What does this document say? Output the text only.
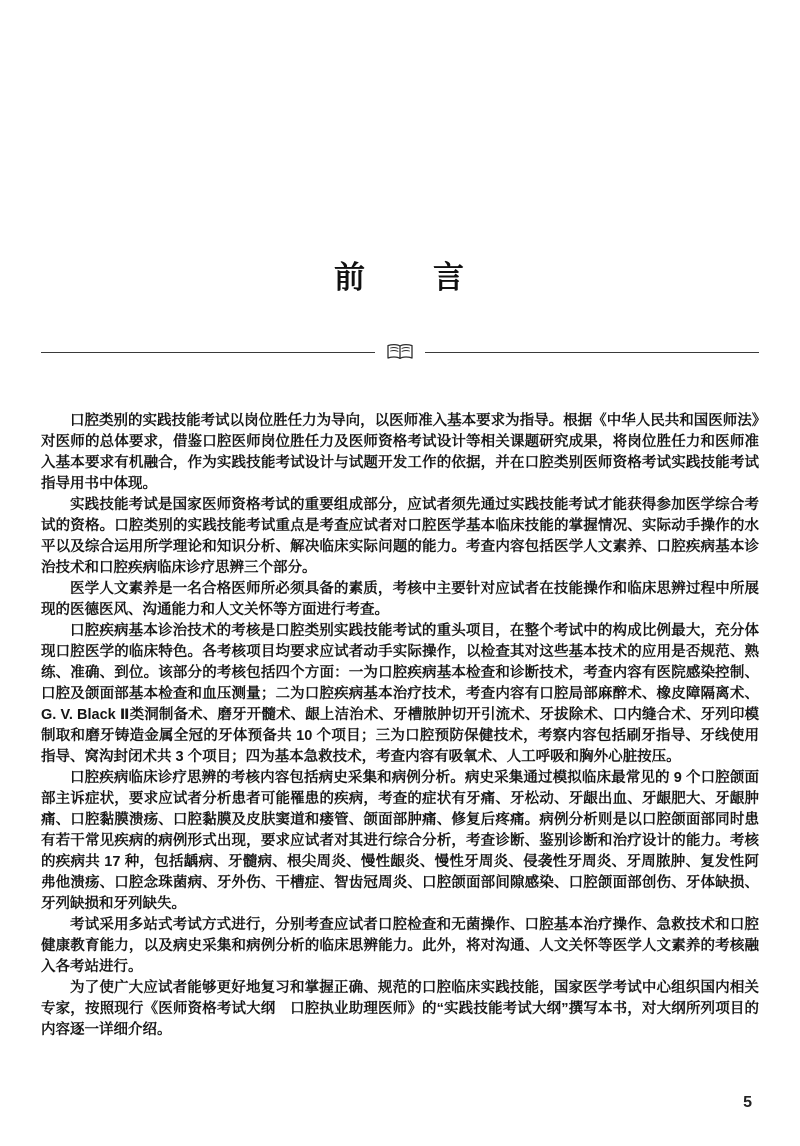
前　　言

口腔类别的实践技能考试以岗位胜任力为导向，以医师准入基本要求为指导。根据《中华人民共和国医师法》对医师的总体要求，借鉴口腔医师岗位胜任力及医师资格考试设计等相关课题研究成果，将岗位胜任力和医师准入基本要求有机融合，作为实践技能考试设计与试题开发工作的依据，并在口腔类别医师资格考试实践技能考试指导用书中体现。

实践技能考试是国家医师资格考试的重要组成部分，应试者须先通过实践技能考试才能获得参加医学综合考试的资格。口腔类别的实践技能考试重点是考查应试者对口腔医学基本临床技能的掌握情况、实际动手操作的水平以及综合运用所学理论和知识分析、解决临床实际问题的能力。考查内容包括医学人文素养、口腔疾病基本诊治技术和口腔疾病临床诊疗思辨三个部分。

医学人文素养是一名合格医师所必须具备的素质，考核中主要针对应试者在技能操作和临床思辨过程中所展现的医德医风、沟通能力和人文关怀等方面进行考查。

口腔疾病基本诊治技术的考核是口腔类别实践技能考试的重头项目，在整个考试中的构成比例最大，充分体现口腔医学的临床特色。各考核项目均要求应试者动手实际操作，以检查其对这些基本技术的应用是否规范、熟练、准确、到位。该部分的考核包括四个方面：一为口腔疾病基本检查和诊断技术，考查内容有医院感染控制、口腔及颌面部基本检查和血压测量；二为口腔疾病基本治疗技术，考查内容有口腔局部麻醉术、橡皮障隔离术、G. V. Black Ⅱ类洞制备术、磨牙开髓术、龈上洁治术、牙槽脓肿切开引流术、牙拔除术、口内缝合术、牙列印模制取和磨牙铸造金属全冠的牙体预备共 10 个项目；三为口腔预防保健技术，考察内容包括刷牙指导、牙线使用指导、窝沟封闭术共 3 个项目；四为基本急救技术，考查内容有吸氧术、人工呼吸和胸外心脏按压。

口腔疾病临床诊疗思辨的考核内容包括病史采集和病例分析。病史采集通过模拟临床最常见的 9 个口腔颌面部主诉症状，要求应试者分析患者可能罹患的疾病，考查的症状有牙痛、牙松动、牙龈出血、牙龈肥大、牙龈肿痛、口腔黏膜溃疡、口腔黏膜及皮肤窦道和瘘管、颌面部肿痛、修复后疼痛。病例分析则是以口腔颌面部同时患有若干常见疾病的病例形式出现，要求应试者对其进行综合分析，考查诊断、鉴别诊断和治疗设计的能力。考核的疾病共 17 种，包括龋病、牙髓病、根尖周炎、慢性龈炎、慢性牙周炎、侵袭性牙周炎、牙周脓肿、复发性阿弗他溃疡、口腔念珠菌病、牙外伤、干槽症、智齿冠周炎、口腔颌面部间隙感染、口腔颌面部创伤、牙体缺损、牙列缺损和牙列缺失。

考试采用多站式考试方式进行，分别考查应试者口腔检查和无菌操作、口腔基本治疗操作、急救技术和口腔健康教育能力，以及病史采集和病例分析的临床思辨能力。此外，将对沟通、人文关怀等医学人文素养的考核融入各考站进行。

为了使广大应试者能够更好地复习和掌握正确、规范的口腔临床实践技能，国家医学考试中心组织国内相关专家，按照现行《医师资格考试大纲　口腔执业助理医师》的“实践技能考试大纲”撰写本书，对大纲所列项目的内容逐一详细介绍。

5
